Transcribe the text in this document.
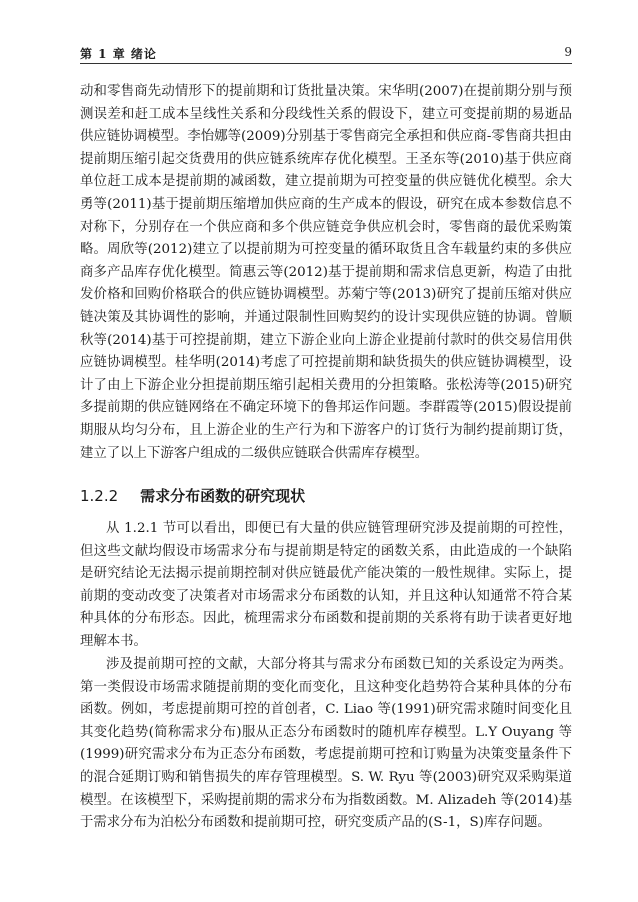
第 1 章 绪论	9

动和零售商先动情形下的提前期和订货批量决策。宋华明(2007)在提前期分别与预测误差和赶工成本呈线性关系和分段线性关系的假设下，建立可变提前期的易逝品供应链协调模型。李怡娜等(2009)分别基于零售商完全承担和供应商-零售商共担由提前期压缩引起交货费用的供应链系统库存优化模型。王圣东等(2010)基于供应商单位赶工成本是提前期的减函数，建立提前期为可控变量的供应链优化模型。余大勇等(2011)基于提前期压缩增加供应商的生产成本的假设，研究在成本参数信息不对称下，分别存在一个供应商和多个供应链竞争供应机会时，零售商的最优采购策略。周欣等(2012)建立了以提前期为可控变量的循环取货且含车载量约束的多供应商多产品库存优化模型。简惠云等(2012)基于提前期和需求信息更新，构造了由批发价格和回购价格联合的供应链协调模型。苏菊宁等(2013)研究了提前压缩对供应链决策及其协调性的影响，并通过限制性回购契约的设计实现供应链的协调。曾顺秋等(2014)基于可控提前期，建立下游企业向上游企业提前付款时的供交易信用供应链协调模型。桂华明(2014)考虑了可控提前期和缺货损失的供应链协调模型，设计了由上下游企业分担提前期压缩引起相关费用的分担策略。张松涛等(2015)研究多提前期的供应链网络在不确定环境下的鲁邦运作问题。李群霞等(2015)假设提前期服从均匀分布，且上游企业的生产行为和下游客户的订货行为制约提前期订货，建立了以上下游客户组成的二级供应链联合供需库存模型。

1.2.2 需求分布函数的研究现状

从 1.2.1 节可以看出，即便已有大量的供应链管理研究涉及提前期的可控性，但这些文献均假设市场需求分布与提前期是特定的函数关系，由此造成的一个缺陷是研究结论无法揭示提前期控制对供应链最优产能决策的一般性规律。实际上，提前期的变动改变了决策者对市场需求分布函数的认知，并且这种认知通常不符合某种具体的分布形态。因此，梳理需求分布函数和提前期的关系将有助于读者更好地理解本书。

涉及提前期可控的文献，大部分将其与需求分布函数已知的关系设定为两类。第一类假设市场需求随提前期的变化而变化，且这种变化趋势符合某种具体的分布函数。例如，考虑提前期可控的首创者，C. Liao 等(1991)研究需求随时间变化且其变化趋势(简称需求分布)服从正态分布函数时的随机库存模型。L.Y Ouyang 等(1999)研究需求分布为正态分布函数，考虑提前期可控和订购量为决策变量条件下的混合延期订购和销售损失的库存管理模型。S. W. Ryu 等(2003)研究双采购渠道模型。在该模型下，采购提前期的需求分布为指数函数。M. Alizadeh 等(2014)基于需求分布为泊松分布函数和提前期可控，研究变质产品的(S-1，S)库存问题。
